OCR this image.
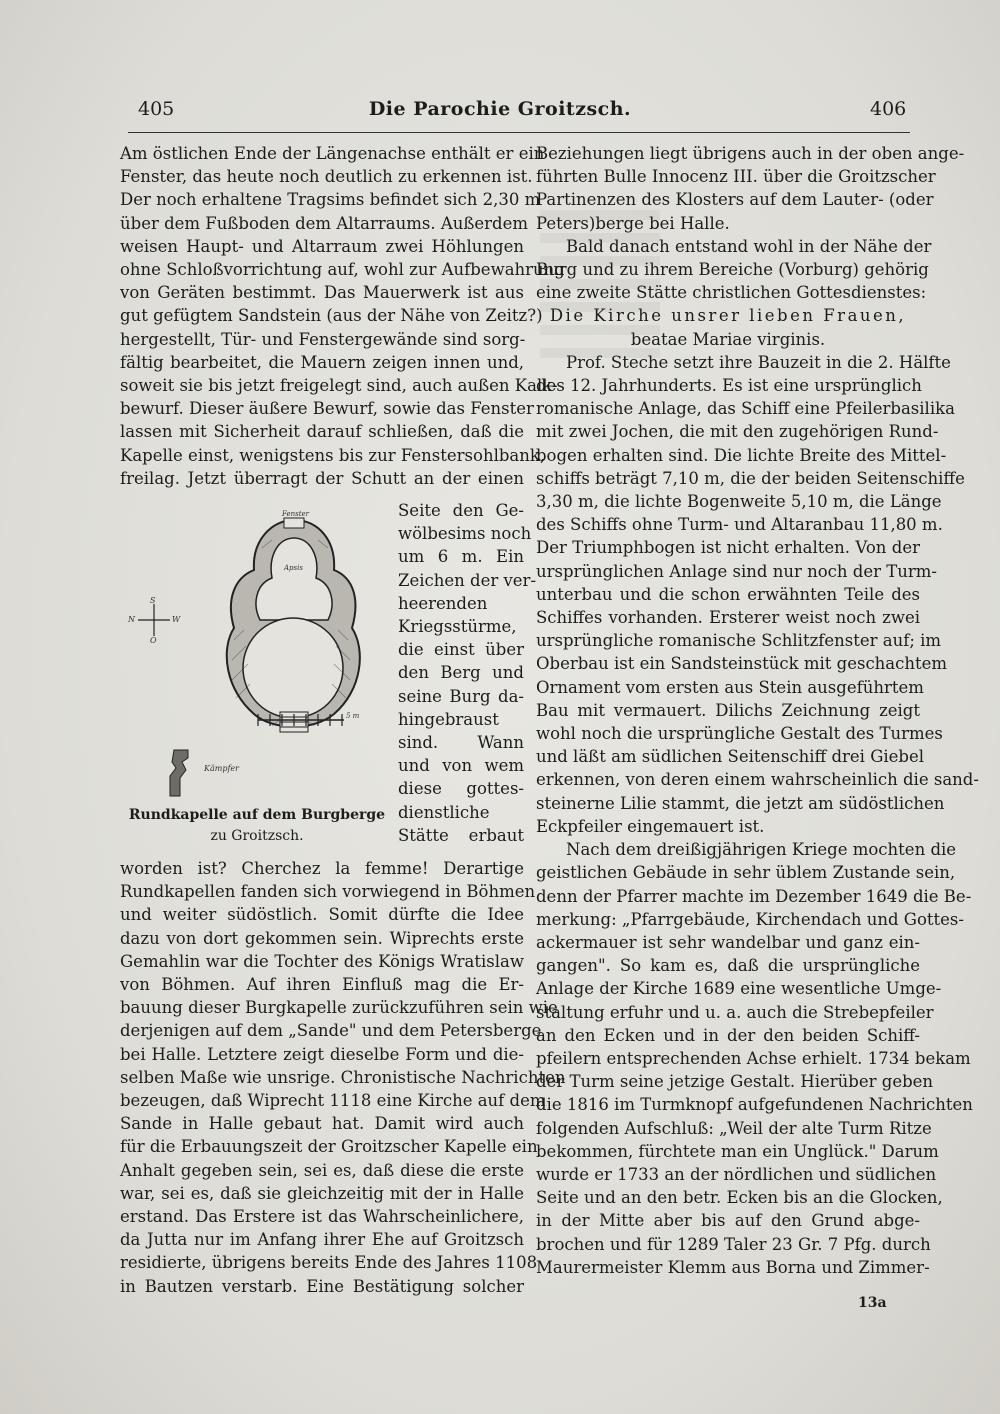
405	Die Parochie Groitzsch.	406
Am östlichen Ende der Längenachse enthält er ein
Fenster, das heute noch deutlich zu erkennen ist.
Der noch erhaltene Tragsims befindet sich 2,30 m
über dem Fußboden dem Altarraums. Außerdem
weisen Haupt- und Altarraum zwei Höhlungen
ohne Schloßvorrichtung auf, wohl zur Aufbewahrung
von Geräten bestimmt. Das Mauerwerk ist aus
gut gefügtem Sandstein (aus der Nähe von Zeitz?)
hergestellt, Tür- und Fenstergewände sind sorg-
fältig bearbeitet, die Mauern zeigen innen und,
soweit sie bis jetzt freigelegt sind, auch außen Kalk-
bewurf. Dieser äußere Bewurf, sowie das Fenster
lassen mit Sicherheit darauf schließen, daß die
Kapelle einst, wenigstens bis zur Fenstersohlbank,
freilag. Jetzt überragt der Schutt an der einen
Seite den Ge-
wölbesims noch
um 6 m. Ein
Zeichen der ver-
heerenden
Kriegsstürme,
die einst über
den Berg und
seine Burg da-
hingebraust
sind. Wann
und von wem
diese gottes-
dienstliche
Stätte erbaut
Fenster
Apsis
S
N	W
O
5 m
Kämpfer
Rundkapelle auf dem Burgberge
zu Groitzsch.
worden ist? Cherchez la femme! Derartige
Rundkapellen fanden sich vorwiegend in Böhmen
und weiter südöstlich. Somit dürfte die Idee
dazu von dort gekommen sein. Wiprechts erste
Gemahlin war die Tochter des Königs Wratislaw
von Böhmen. Auf ihren Einfluß mag die Er-
bauung dieser Burgkapelle zurückzuführen sein wie
derjenigen auf dem „Sande" und dem Petersberge
bei Halle. Letztere zeigt dieselbe Form und die-
selben Maße wie unsrige. Chronistische Nachrichten
bezeugen, daß Wiprecht 1118 eine Kirche auf dem
Sande in Halle gebaut hat. Damit wird auch
für die Erbauungszeit der Groitzscher Kapelle ein
Anhalt gegeben sein, sei es, daß diese die erste
war, sei es, daß sie gleichzeitig mit der in Halle
erstand. Das Erstere ist das Wahrscheinlichere,
da Jutta nur im Anfang ihrer Ehe auf Groitzsch
residierte, übrigens bereits Ende des Jahres 1108
in Bautzen verstarb. Eine Bestätigung solcher
Beziehungen liegt übrigens auch in der oben ange-
führten Bulle Innocenz III. über die Groitzscher
Partinenzen des Klosters auf dem Lauter- (oder
Peters)berge bei Halle.
Bald danach entstand wohl in der Nähe der
Burg und zu ihrem Bereiche (Vorburg) gehörig
eine zweite Stätte christlichen Gottesdienstes:
Die Kirche unsrer lieben Frauen,
beatae Mariae virginis.
Prof. Steche setzt ihre Bauzeit in die 2. Hälfte
des 12. Jahrhunderts. Es ist eine ursprünglich
romanische Anlage, das Schiff eine Pfeilerbasilika
mit zwei Jochen, die mit den zugehörigen Rund-
bogen erhalten sind. Die lichte Breite des Mittel-
schiffs beträgt 7,10 m, die der beiden Seitenschiffe
3,30 m, die lichte Bogenweite 5,10 m, die Länge
des Schiffs ohne Turm- und Altaranbau 11,80 m.
Der Triumphbogen ist nicht erhalten. Von der
ursprünglichen Anlage sind nur noch der Turm-
unterbau und die schon erwähnten Teile des
Schiffes vorhanden. Ersterer weist noch zwei
ursprüngliche romanische Schlitzfenster auf; im
Oberbau ist ein Sandsteinstück mit geschachtem
Ornament vom ersten aus Stein ausgeführtem
Bau mit vermauert. Dilichs Zeichnung zeigt
wohl noch die ursprüngliche Gestalt des Turmes
und läßt am südlichen Seitenschiff drei Giebel
erkennen, von deren einem wahrscheinlich die sand-
steinerne Lilie stammt, die jetzt am südöstlichen
Eckpfeiler eingemauert ist.
Nach dem dreißigjährigen Kriege mochten die
geistlichen Gebäude in sehr üblem Zustande sein,
denn der Pfarrer machte im Dezember 1649 die Be-
merkung: „Pfarrgebäude, Kirchendach und Gottes-
ackermauer ist sehr wandelbar und ganz ein-
gangen". So kam es, daß die ursprüngliche
Anlage der Kirche 1689 eine wesentliche Umge-
staltung erfuhr und u. a. auch die Strebepfeiler
an den Ecken und in der den beiden Schiff-
pfeilern entsprechenden Achse erhielt. 1734 bekam
der Turm seine jetzige Gestalt. Hierüber geben
die 1816 im Turmknopf aufgefundenen Nachrichten
folgenden Aufschluß: „Weil der alte Turm Ritze
bekommen, fürchtete man ein Unglück." Darum
wurde er 1733 an der nördlichen und südlichen
Seite und an den betr. Ecken bis an die Glocken,
in der Mitte aber bis auf den Grund abge-
brochen und für 1289 Taler 23 Gr. 7 Pfg. durch
Maurermeister Klemm aus Borna und Zimmer-
13a
